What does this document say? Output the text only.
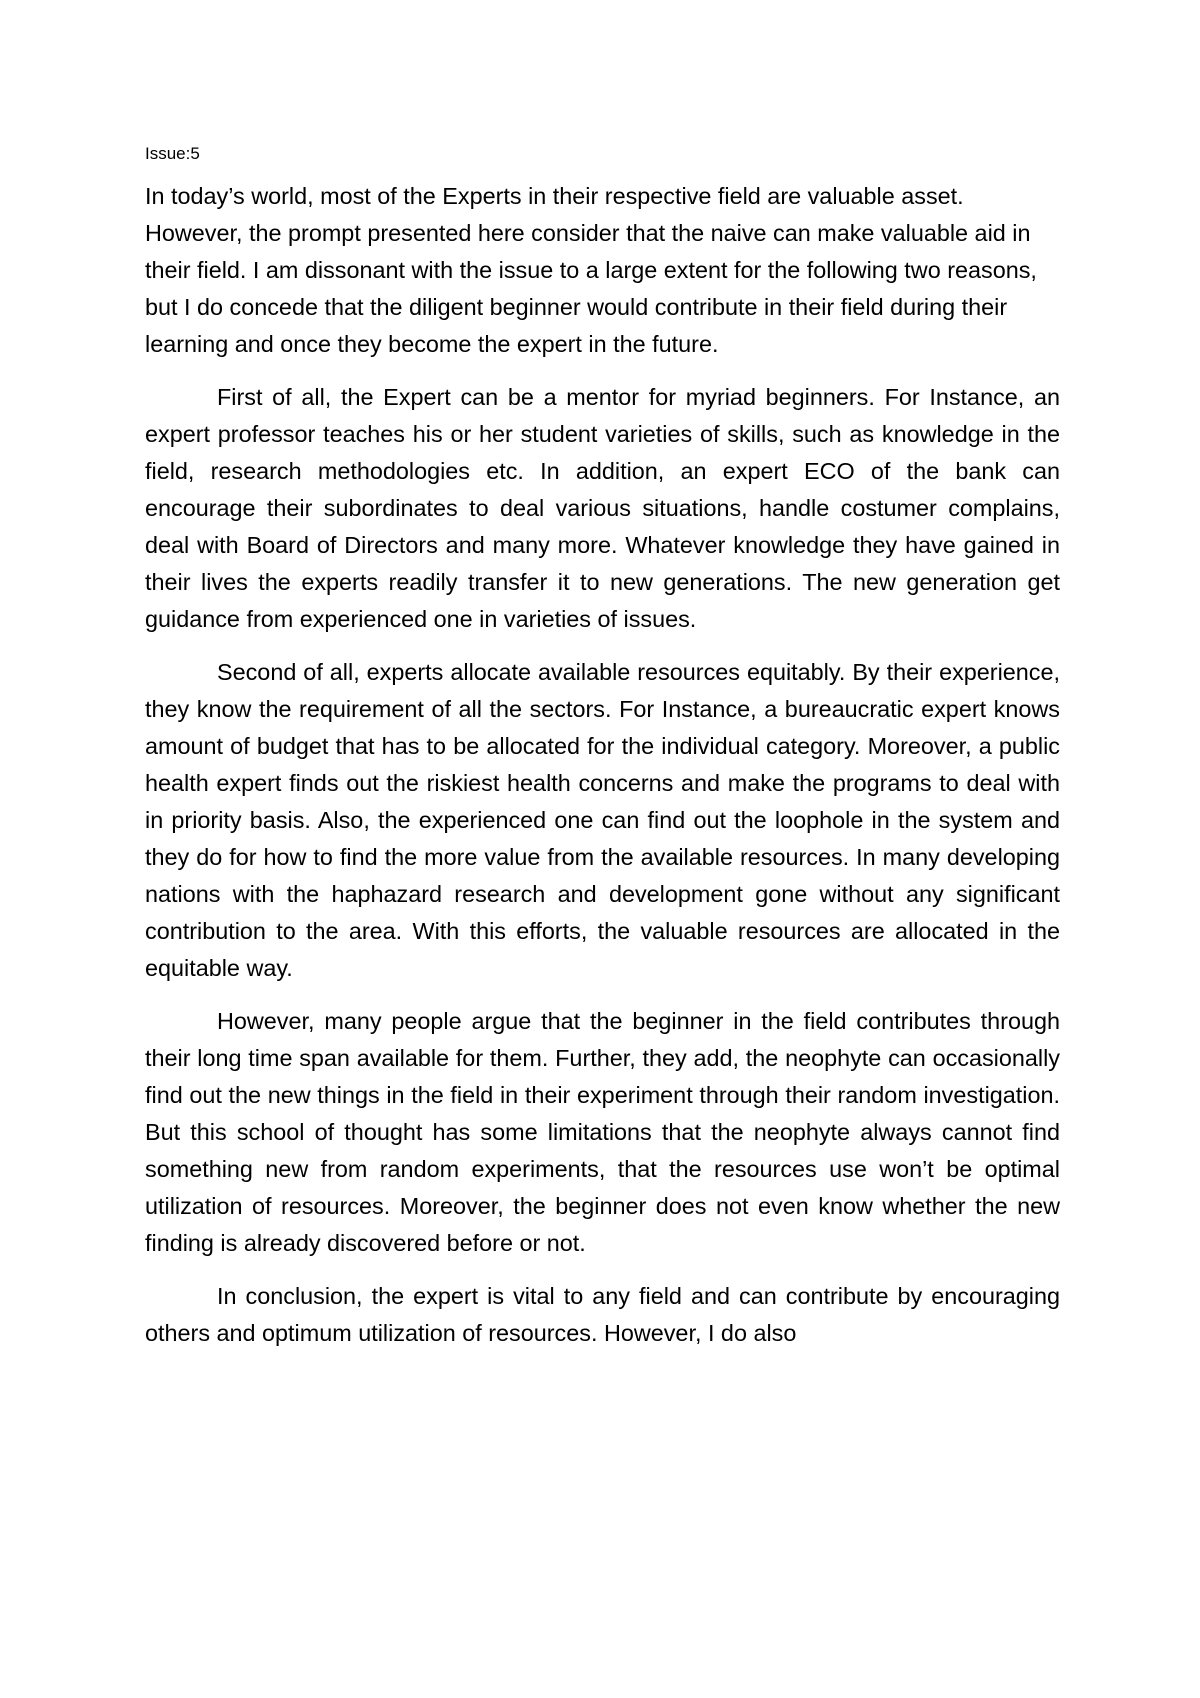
Issue:5

In today’s world, most of the Experts in their respective field are valuable asset. However, the prompt presented here consider that the naive can make valuable aid in their field. I am dissonant with the issue to a large extent for the following two reasons, but I do concede that the diligent beginner would contribute in their field during their learning and once they become the expert in the future.

First of all, the Expert can be a mentor for myriad beginners. For Instance, an expert professor teaches his or her student varieties of skills, such as knowledge in the field, research methodologies etc. In addition, an expert ECO of the bank can encourage their subordinates to deal various situations, handle costumer complains, deal with Board of Directors and many more. Whatever knowledge they have gained in their lives the experts readily transfer it to new generations. The new generation get guidance from experienced one in varieties of issues.

Second of all, experts allocate available resources equitably. By their experience, they know the requirement of all the sectors. For Instance, a bureaucratic expert knows amount of budget that has to be allocated for the individual category. Moreover, a public health expert finds out the riskiest health concerns and make the programs to deal with in priority basis. Also, the experienced one can find out the loophole in the system and they do for how to find the more value from the available resources. In many developing nations with the haphazard research and development gone without any significant contribution to the area. With this efforts, the valuable resources are allocated in the equitable way.

However, many people argue that the beginner in the field contributes through their long time span available for them. Further, they add, the neophyte can occasionally find out the new things in the field in their experiment through their random investigation. But this school of thought has some limitations that the neophyte always cannot find something new from random experiments, that the resources use won’t be optimal utilization of resources. Moreover, the beginner does not even know whether the new finding is already discovered before or not.

In conclusion, the expert is vital to any field and can contribute by encouraging others and optimum utilization of resources. However, I do also
